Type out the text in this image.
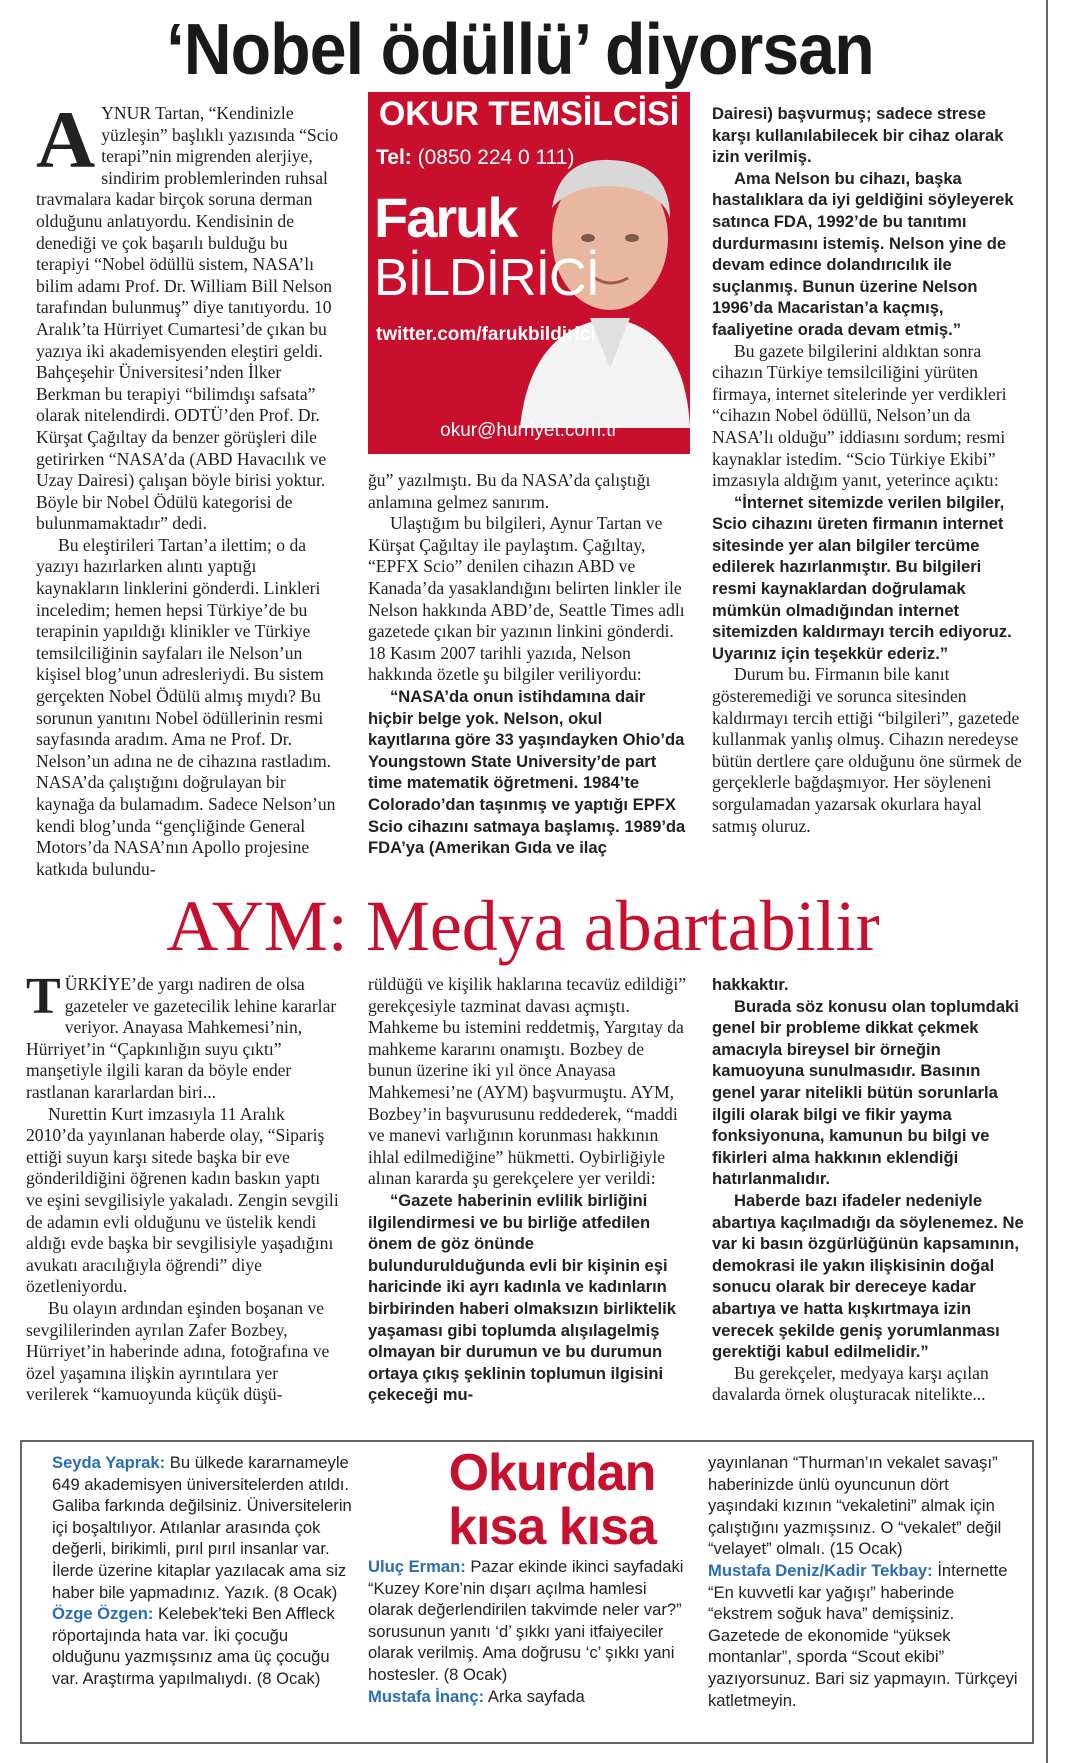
‘Nobel ödüllü’ diyorsan
A YNUR Tartan, “Kendinizle yüzleşin” başlıklı yazısında “Scio terapi”nin migrenden alerjiye, sindirim problemlerinden ruhsal travmalara kadar birçok soruna derman olduğunu anlatıyordu. Kendisinin de denediği ve çok başarılı bulduğu bu terapiyi “Nobel ödüllü sistem, NASA’lı bilim adamı Prof. Dr. William Bill Nelson tarafından bulunmuş” diye tanıtıyordu. 10 Aralık’ta Hürriyet Cumartesi’de çıkan bu yazıya iki akademisyenden eleştiri geldi. Bahçeşehir Üniversitesi’nden İlker Berkman bu terapiyi “bilimdışı safsata” olarak nitelendirdi. ODTÜ’den Prof. Dr. Kürşat Çağıltay da benzer görüşleri dile getirirken “NASA’da (ABD Havacılık ve Uzay Dairesi) çalışan böyle birisi yoktur. Böyle bir Nobel Ödülü kategorisi de bulunmamaktadır” dedi.

Bu eleştirileri Tartan’a ilettim; o da yazıyı hazırlarken alıntı yaptığı kaynakların linklerini gönderdi. Linkleri inceledim; hemen hepsi Türkiye’de bu terapinin yapıldığı klinikler ve Türkiye temsilciliğinin sayfaları ile Nelson’un kişisel blog’unun adresleriydi. Bu sistem gerçekten Nobel Ödülü almış mıydı? Bu sorunun yanıtını Nobel ödüllerinin resmi sayfasında aradım. Ama ne Prof. Dr. Nelson’un adına ne de cihazına rastladım. NASA’da çalıştığını doğrulayan bir kaynağa da bulamadım. Sadece Nelson’un kendi blog’unda “gençliğinde General Motors’da NASA’nın Apollo projesine katkıda bulundu-

OKUR TEMSİLCİSİ
Tel: (0850 224 0 111)
Faruk
BİLDİRİCİ
twitter.com/farukbildirici
okur@hurriyet.com.tr

ğu” yazılmıştı. Bu da NASA’da çalıştığı anlamına gelmez sanırım.

Ulaştığım bu bilgileri, Aynur Tartan ve Kürşat Çağıltay ile paylaştım. Çağıltay, “EPFX Scio” denilen cihazın ABD ve Kanada’da yasaklandığını belirten linkler ile Nelson hakkında ABD’de, Seattle Times adlı gazetede çıkan bir yazının linkini gönderdi. 18 Kasım 2007 tarihli yazıda, Nelson hakkında özetle şu bilgiler veriliyordu:

“NASA’da onun istihdamına dair hiçbir belge yok. Nelson, okul kayıtlarına göre 33 yaşındayken Ohio’da Youngstown State University’de part time matematik öğretmeni. 1984’te Colorado’dan taşınmış ve yaptığı EPFX Scio cihazını satmaya başlamış. 1989’da FDA’ya (Amerikan Gıda ve ilaç

Dairesi) başvurmuş; sadece strese karşı kullanılabilecek bir cihaz olarak izin verilmiş.

Ama Nelson bu cihazı, başka hastalıklara da iyi geldiğini söyleyerek satınca FDA, 1992’de bu tanıtımı durdurmasını istemiş. Nelson yine de devam edince dolandırıcılık ile suçlanmış. Bunun üzerine Nelson 1996’da Macaristan’a kaçmış, faaliyetine orada devam etmiş.”

Bu gazete bilgilerini aldıktan sonra cihazın Türkiye temsilciliğini yürüten firmaya, internet sitelerinde yer verdikleri “cihazın Nobel ödüllü, Nelson’un da NASA’lı olduğu” iddiasını sordum; resmi kaynaklar istedim. “Scio Türkiye Ekibi” imzasıyla aldığım yanıt, yeterince açıktı:

“İnternet sitemizde verilen bilgiler, Scio cihazını üreten firmanın internet sitesinde yer alan bilgiler tercüme edilerek hazırlanmıştır. Bu bilgileri resmi kaynaklardan doğrulamak mümkün olmadığından internet sitemizden kaldırmayı tercih ediyoruz. Uyarınız için teşekkür ederiz.”

Durum bu. Firmanın bile kanıt gösteremediği ve sorunca sitesinden kaldırmayı tercih ettiği “bilgileri”, gazetede kullanmak yanlış olmuş. Cihazın neredeyse bütün dertlere çare olduğunu öne sürmek de gerçeklerle bağdaşmıyor. Her söyleneni sorgulamadan yazarsak okurlara hayal satmış oluruz.

AYM: Medya abartabilir
T ÜRKİYE’de yargı nadiren de olsa gazeteler ve gazetecilik lehine kararlar veriyor. Anayasa Mahkemesi’nin, Hürriyet’in “Çapkınlığın suyu çıktı” manşetiyle ilgili karan da böyle ender rastlanan kararlardan biri...

Nurettin Kurt imzasıyla 11 Aralık 2010’da yayınlanan haberde olay, “Sipariş ettiği suyun karşı sitede başka bir eve gönderildiğini öğrenen kadın baskın yaptı ve eşini sevgilisiyle yakaladı. Zengin sevgili de adamın evli olduğunu ve üstelik kendi aldığı evde başka bir sevgilisiyle yaşadığını avukatı aracılığıyla öğrendi” diye özetleniyordu.

Bu olayın ardından eşinden boşanan ve sevgililerinden ayrılan Zafer Bozbey, Hürriyet’in haberinde adına, fotoğrafına ve özel yaşamına ilişkin ayrıntılara yer verilerek “kamuoyunda küçük düşü-

rüldüğü ve kişilik haklarına tecavüz edildiği” gerekçesiyle tazminat davası açmıştı. Mahkeme bu istemini reddetmiş, Yargıtay da mahkeme kararını onamıştı. Bozbey de bunun üzerine iki yıl önce Anayasa Mahkemesi’ne (AYM) başvurmuştu. AYM, Bozbey’in başvurusunu reddederek, “maddi ve manevi varlığının korunması hakkının ihlal edilmediğine” hükmetti. Oybirliğiyle alınan kararda şu gerekçelere yer verildi:

“Gazete haberinin evlilik birliğini ilgilendirmesi ve bu birliğe atfedilen önem de göz önünde bulundurulduğunda evli bir kişinin eşi haricinde iki ayrı kadınla ve kadınların birbirinden haberi olmaksızın birliktelik yaşaması gibi toplumda alışılagelmiş olmayan bir durumun ve bu durumun ortaya çıkış şeklinin toplumun ilgisini çekeceği mu-

hakkaktır.

Burada söz konusu olan toplumdaki genel bir probleme dikkat çekmek amacıyla bireysel bir örneğin kamuoyuna sunulmasıdır. Basının genel yarar nitelikli bütün sorunlarla ilgili olarak bilgi ve fikir yayma fonksiyonuna, kamunun bu bilgi ve fikirleri alma hakkının eklendiği hatırlanmalıdır.

Haberde bazı ifadeler nedeniyle abartıya kaçılmadığı da söylenemez. Ne var ki basın özgürlüğünün kapsamının, demokrasi ile yakın ilişkisinin doğal sonucu olarak bir dereceye kadar abartıya ve hatta kışkırtmaya izin verecek şekilde geniş yorumlanması gerektiği kabul edilmelidir.”

Bu gerekçeler, medyaya karşı açılan davalarda örnek oluşturacak nitelikte...

Seyda Yaprak: Bu ülkede kararnameyle 649 akademisyen üniversitelerden atıldı. Galiba farkında değilsiniz. Üniversitelerin içi boşaltılıyor. Atılanlar arasında çok değerli, birikimli, pırıl pırıl insanlar var. İlerde üzerine kitaplar yazılacak ama siz haber bile yapmadınız. Yazık. (8 Ocak)

Özge Özgen: Kelebek’teki Ben Affleck röportajında hata var. İki çocuğu olduğunu yazmışsınız ama üç çocuğu var. Araştırma yapılmalıydı. (8 Ocak)

Okurdan
kısa kısa

Uluç Erman: Pazar ekinde ikinci sayfadaki “Kuzey Kore’nin dışarı açılma hamlesi olarak değerlendirilen takvimde neler var?” sorusunun yanıtı ‘d’ şıkkı yani itfaiyeciler olarak verilmiş. Ama doğrusu ‘c’ şıkkı yani hostesler. (8 Ocak)

Mustafa İnanç: Arka sayfada

yayınlanan “Thurman’ın vekalet savaşı” haberinizde ünlü oyuncunun dört yaşındaki kızının “vekaletini” almak için çalıştığını yazmışsınız. O “vekalet” değil “velayet” olmalı. (15 Ocak)

Mustafa Deniz/Kadir Tekbay: İnternette “En kuvvetli kar yağışı” haberinde “ekstrem soğuk hava” demişsiniz. Gazetede de ekonomide “yüksek montanlar”, sporda “Scout ekibi” yazıyorsunuz. Bari siz yapmayın. Türkçeyi katletmeyin.
